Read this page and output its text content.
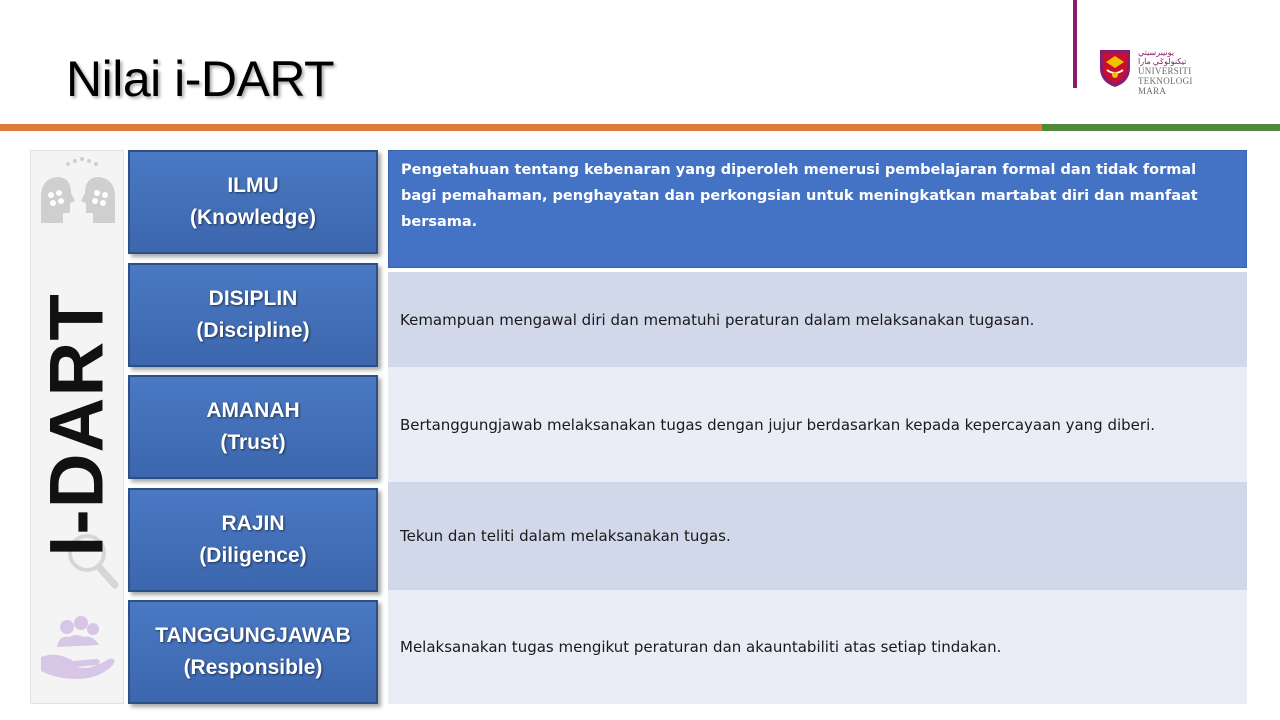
Nilai i-DART	ﯾﻮﻧﯿﺒﺮﺳﯿﺘﻲ ﺗﻴﻜﻨﻮﻟﻮݢي مارا
UNIVERSITI
TEKNOLOGI
MARA
I-DART
ILMU
(Knowledge)
DISIPLIN
(Discipline)
AMANAH
(Trust)
RAJIN
(Diligence)
TANGGUNGJAWAB
(Responsible)
Pengetahuan tentang kebenaran yang diperoleh menerusi pembelajaran formal dan tidak formal bagi pemahaman, penghayatan dan perkongsian untuk meningkatkan martabat diri dan manfaat bersama.
Kemampuan mengawal diri dan mematuhi peraturan dalam melaksanakan tugasan.
Bertanggungjawab melaksanakan tugas dengan jujur berdasarkan kepada kepercayaan yang diberi.
Tekun dan teliti dalam melaksanakan tugas.
Melaksanakan tugas mengikut peraturan dan akauntabiliti atas setiap tindakan.
